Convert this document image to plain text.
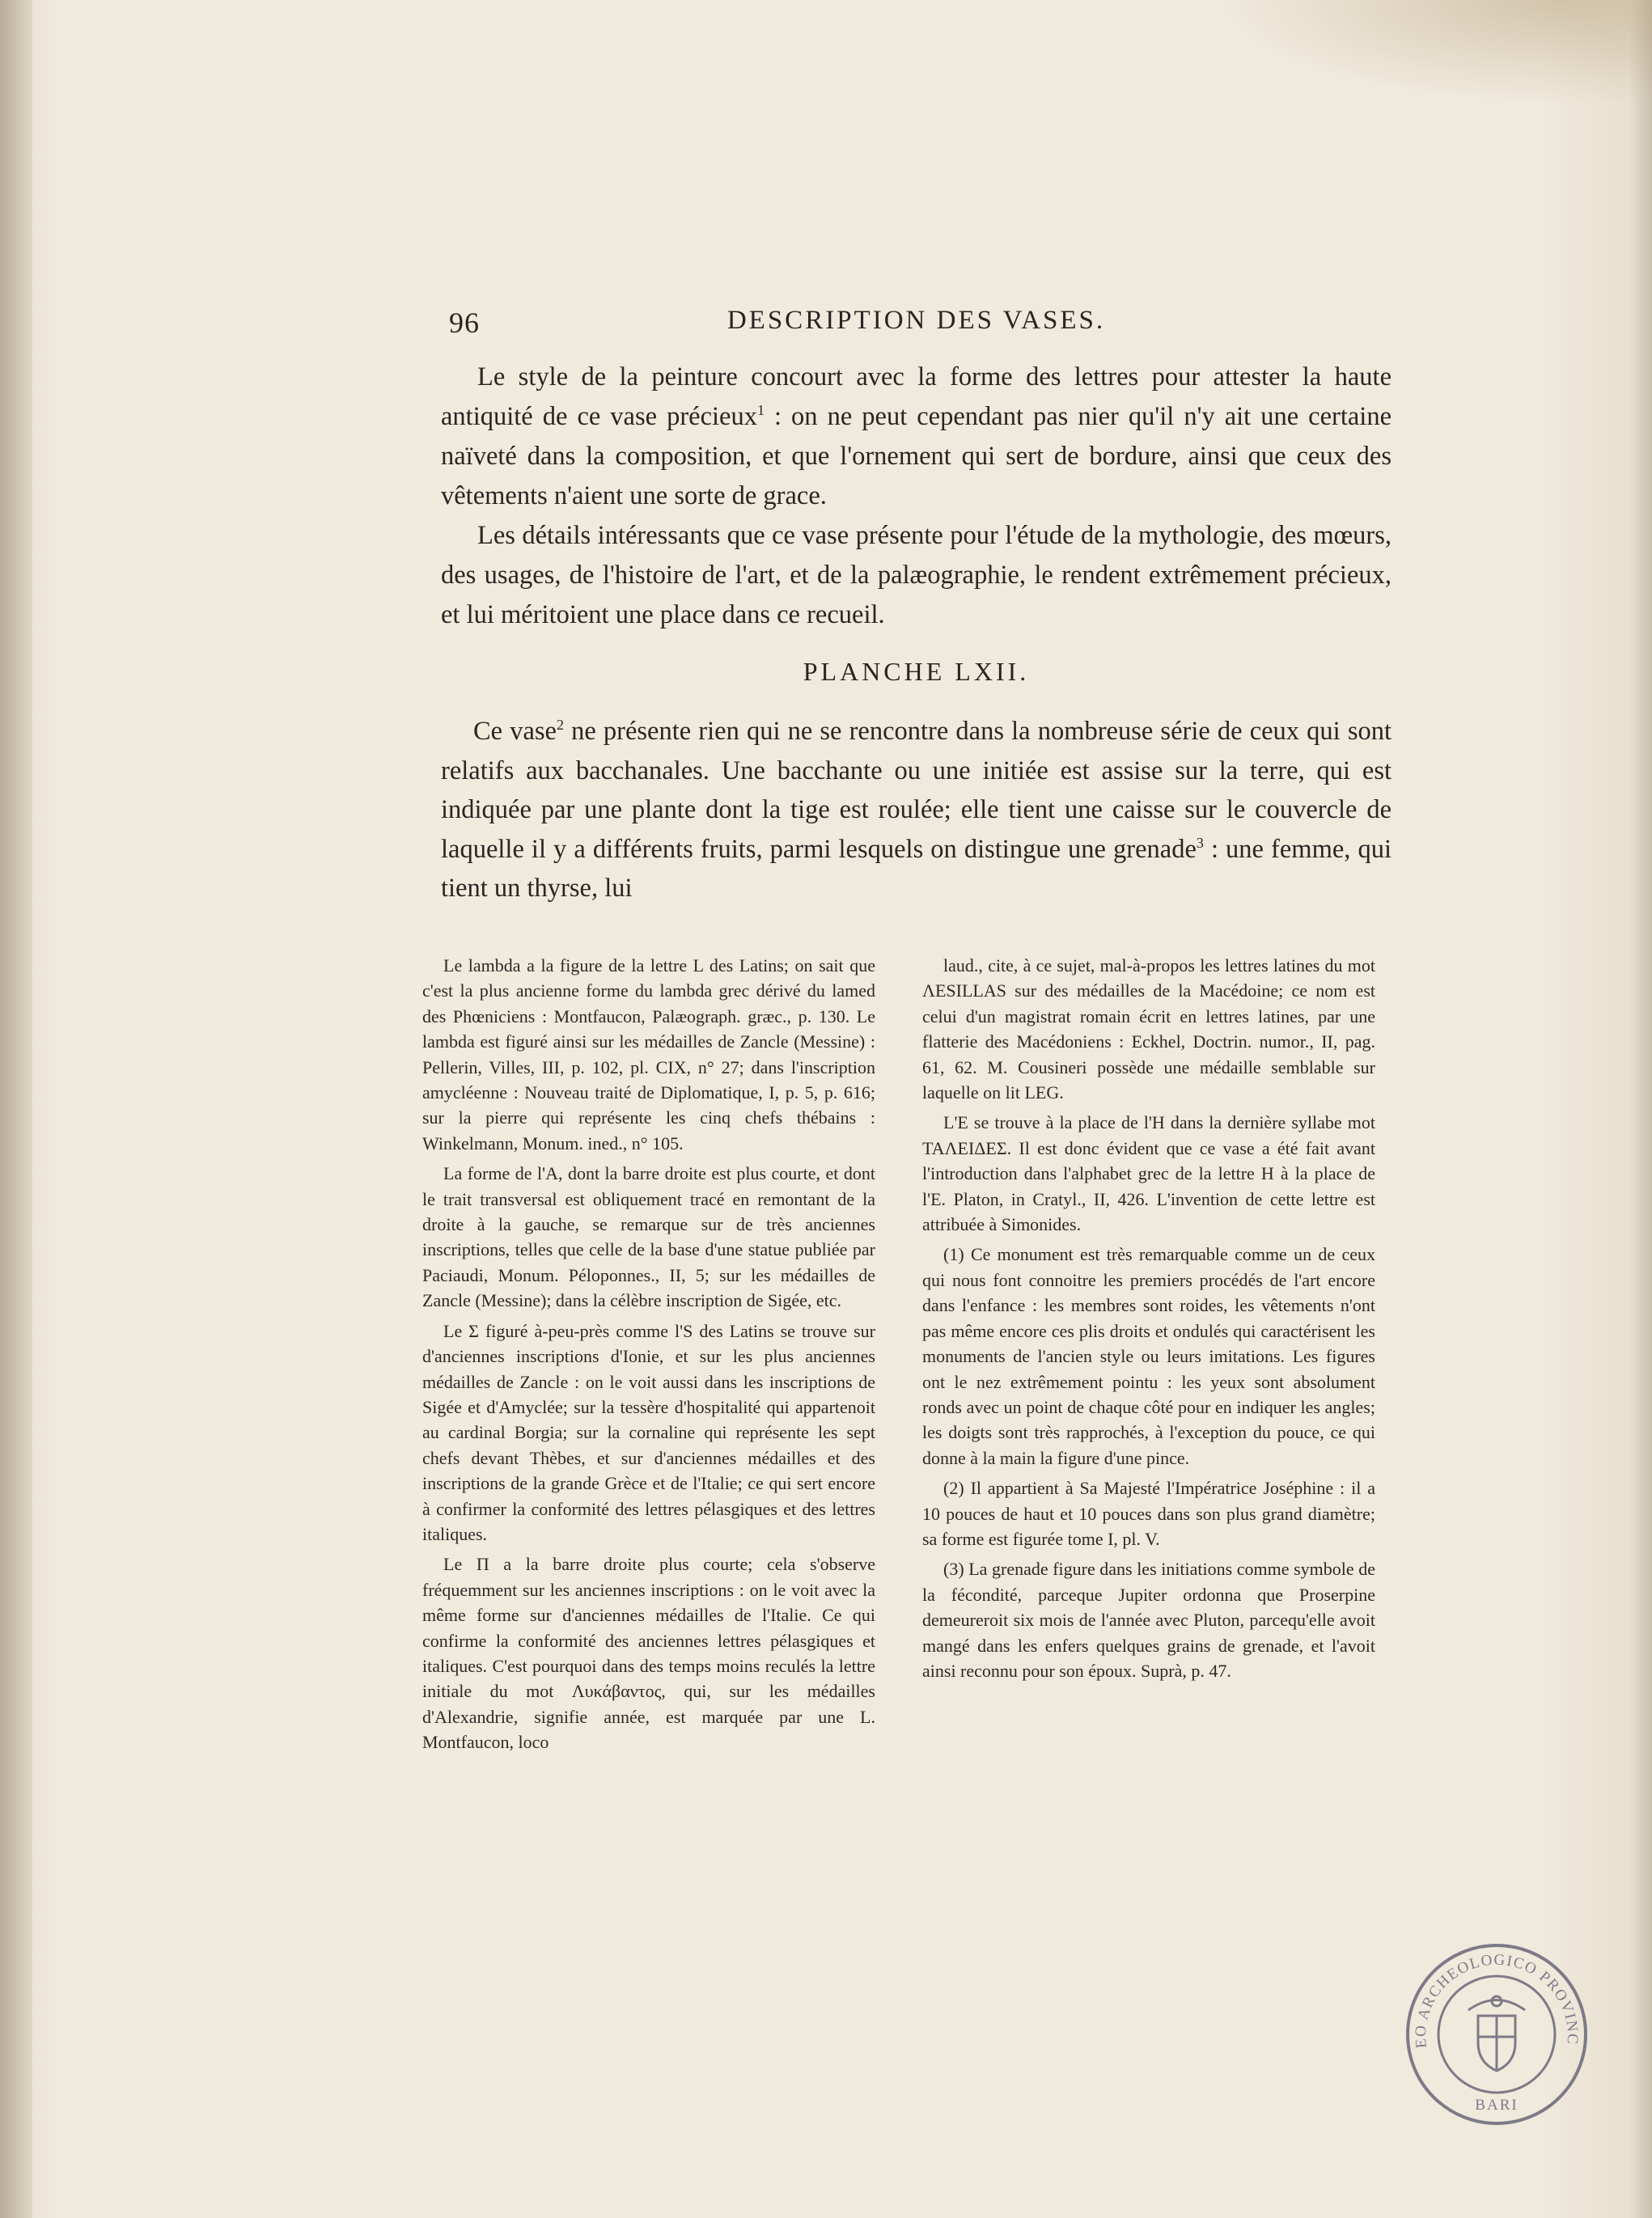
96	DESCRIPTION DES VASES.

Le style de la peinture concourt avec la forme des lettres pour attester la haute antiquité de ce vase précieux$^1$ : on ne peut cependant pas nier qu'il n'y ait une certaine naïveté dans la composition, et que l'ornement qui sert de bordure, ainsi que ceux des vêtements n'aient une sorte de grace.

Les détails intéressants que ce vase présente pour l'étude de la mythologie, des mœurs, des usages, de l'histoire de l'art, et de la palæographie, le rendent extrêmement précieux, et lui méritoient une place dans ce recueil.

PLANCHE LXII.

Ce vase$^2$ ne présente rien qui ne se rencontre dans la nombreuse série de ceux qui sont relatifs aux bacchanales. Une bacchante ou une initiée est assise sur la terre, qui est indiquée par une plante dont la tige est roulée; elle tient une caisse sur le couvercle de laquelle il y a différents fruits, parmi lesquels on distingue une grenade$^3$ : une femme, qui tient un thyrse, lui

Le lambda a la figure de la lettre L des Latins; on sait que c'est la plus ancienne forme du lambda grec dérivé du lamed des Phœniciens : Montfaucon, Palæograph. græc., p. 130. Le lambda est figuré ainsi sur les médailles de Zancle (Messine) : Pellerin, Villes, III, p. 102, pl. CIX, n° 27; dans l'inscription amycléenne : Nouveau traité de Diplomatique, I, p. 5, p. 616; sur la pierre qui représente les cinq chefs thébains : Winkelmann, Monum. ined., n° 105.

La forme de l'A, dont la barre droite est plus courte, et dont le trait transversal est obliquement tracé en remontant de la droite à la gauche, se remarque sur de très anciennes inscriptions, telles que celle de la base d'une statue publiée par Paciaudi, Monum. Péloponnes., II, 5; sur les médailles de Zancle (Messine); dans la célèbre inscription de Sigée, etc.

Le Σ figuré à-peu-près comme l'S des Latins se trouve sur d'anciennes inscriptions d'Ionie, et sur les plus anciennes médailles de Zancle : on le voit aussi dans les inscriptions de Sigée et d'Amyclée; sur la tessère d'hospitalité qui appartenoit au cardinal Borgia; sur la cornaline qui représente les sept chefs devant Thèbes, et sur d'anciennes médailles et des inscriptions de la grande Grèce et de l'Italie; ce qui sert encore à confirmer la conformité des lettres pélasgiques et des lettres italiques.

Le Π a la barre droite plus courte; cela s'observe fréquemment sur les anciennes inscriptions : on le voit avec la même forme sur d'anciennes médailles de l'Italie. Ce qui confirme la conformité des anciennes lettres pélasgiques et italiques. C'est pourquoi dans des temps moins reculés la lettre initiale du mot Λυκάβαντος, qui, sur les médailles d'Alexandrie, signifie année, est marquée par une L. Montfaucon, loco

laud., cite, à ce sujet, mal-à-propos les lettres latines du mot ΛESILLAS sur des médailles de la Macédoine; ce nom est celui d'un magistrat romain écrit en lettres latines, par une flatterie des Macédoniens : Eckhel, Doctrin. numor., II, pag. 61, 62. M. Cousineri possède une médaille semblable sur laquelle on lit LEG.

L'E se trouve à la place de l'H dans la dernière syllabe mot ΤΑΛΕΙΔΕΣ. Il est donc évident que ce vase a été fait avant l'introduction dans l'alphabet grec de la lettre H à la place de l'E. Platon, in Cratyl., II, 426. L'invention de cette lettre est attribuée à Simonides.

(1) Ce monument est très remarquable comme un de ceux qui nous font connoitre les premiers procédés de l'art encore dans l'enfance : les membres sont roides, les vêtements n'ont pas même encore ces plis droits et ondulés qui caractérisent les monuments de l'ancien style ou leurs imitations. Les figures ont le nez extrêmement pointu : les yeux sont absolument ronds avec un point de chaque côté pour en indiquer les angles; les doigts sont très rapprochés, à l'exception du pouce, ce qui donne à la main la figure d'une pince.

(2) Il appartient à Sa Majesté l'Impératrice Joséphine : il a 10 pouces de haut et 10 pouces dans son plus grand diamètre; sa forme est figurée tome I, pl. V.

(3) La grenade figure dans les initiations comme symbole de la fécondité, parceque Jupiter ordonna que Proserpine demeureroit six mois de l'année avec Pluton, parcequ'elle avoit mangé dans les enfers quelques grains de grenade, et l'avoit ainsi reconnu pour son époux. Suprà, p. 47.

EO ARCHEOLOGICO PROVINC
BARI
